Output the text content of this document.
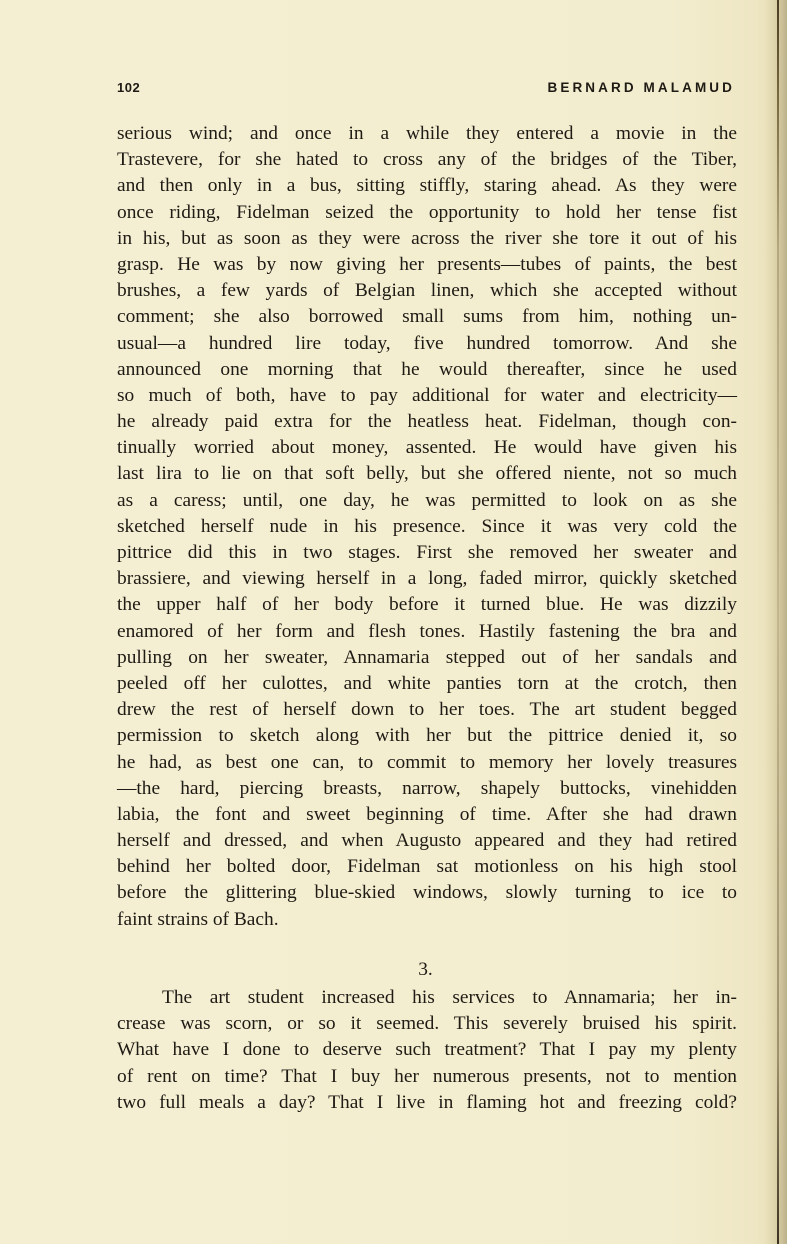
102	BERNARD MALAMUD
serious wind; and once in a while they entered a movie in the
Trastevere, for she hated to cross any of the bridges of the Tiber,
and then only in a bus, sitting stiffly, staring ahead. As they were
once riding, Fidelman seized the opportunity to hold her tense fist
in his, but as soon as they were across the river she tore it out of his
grasp. He was by now giving her presents—tubes of paints, the best
brushes, a few yards of Belgian linen, which she accepted without
comment; she also borrowed small sums from him, nothing un-
usual—a hundred lire today, five hundred tomorrow. And she
announced one morning that he would thereafter, since he used
so much of both, have to pay additional for water and electricity—
he already paid extra for the heatless heat. Fidelman, though con-
tinually worried about money, assented. He would have given his
last lira to lie on that soft belly, but she offered niente, not so much
as a caress; until, one day, he was permitted to look on as she
sketched herself nude in his presence. Since it was very cold the
pittrice did this in two stages. First she removed her sweater and
brassiere, and viewing herself in a long, faded mirror, quickly sketched
the upper half of her body before it turned blue. He was dizzily
enamored of her form and flesh tones. Hastily fastening the bra and
pulling on her sweater, Annamaria stepped out of her sandals and
peeled off her culottes, and white panties torn at the crotch, then
drew the rest of herself down to her toes. The art student begged
permission to sketch along with her but the pittrice denied it, so
he had, as best one can, to commit to memory her lovely treasures
—the hard, piercing breasts, narrow, shapely buttocks, vinehidden
labia, the font and sweet beginning of time. After she had drawn
herself and dressed, and when Augusto appeared and they had retired
behind her bolted door, Fidelman sat motionless on his high stool
before the glittering blue-skied windows, slowly turning to ice to
faint strains of Bach.
3.
The art student increased his services to Annamaria; her in-
crease was scorn, or so it seemed. This severely bruised his spirit.
What have I done to deserve such treatment? That I pay my plenty
of rent on time? That I buy her numerous presents, not to mention
two full meals a day? That I live in flaming hot and freezing cold?
